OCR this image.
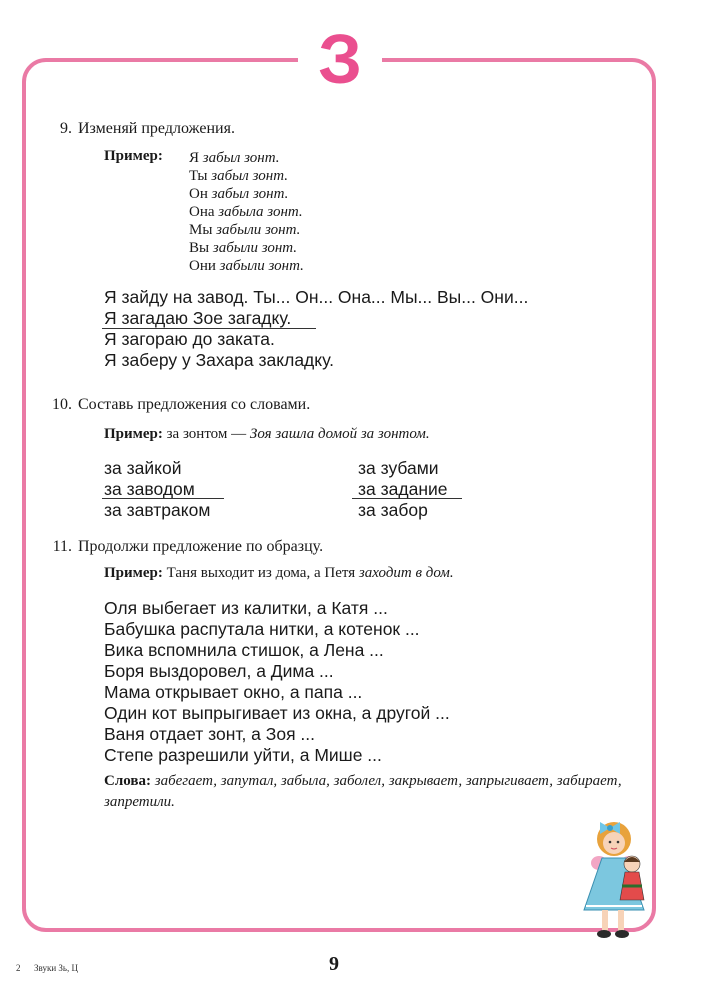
З
9. Изменяй предложения.
Пример: Я забыл зонт.
Ты забыл зонт.
Он забыл зонт.
Она забыла зонт.
Мы забыли зонт.
Вы забыли зонт.
Они забыли зонт.
Я зайду на завод. Ты... Он... Она... Мы... Вы... Они...
Я загадаю Зое загадку.
Я загораю до заката.
Я заберу у Захара закладку.
10. Составь предложения со словами.
Пример: за зонтом — Зоя зашла домой за зонтом.
за зайкой
за заводом
за завтраком
за зубами
за задание
за забор
11. Продолжи предложение по образцу.
Пример: Таня выходит из дома, а Петя заходит в дом.
Оля выбегает из калитки, а Катя ...
Бабушка распутала нитки, а котенок ...
Вика вспомнила стишок, а Лена ...
Боря выздоровел, а Дима ...
Мама открывает окно, а папа ...
Один кот выпрыгивает из окна, а другой ...
Ваня отдает зонт, а Зоя ...
Степе разрешили уйти, а Мише ...
Слова: забегает, запутал, забыла, заболел, закрывает, запрыгивает, забирает, запретили.
2 Звуки Зь, Ц	9
